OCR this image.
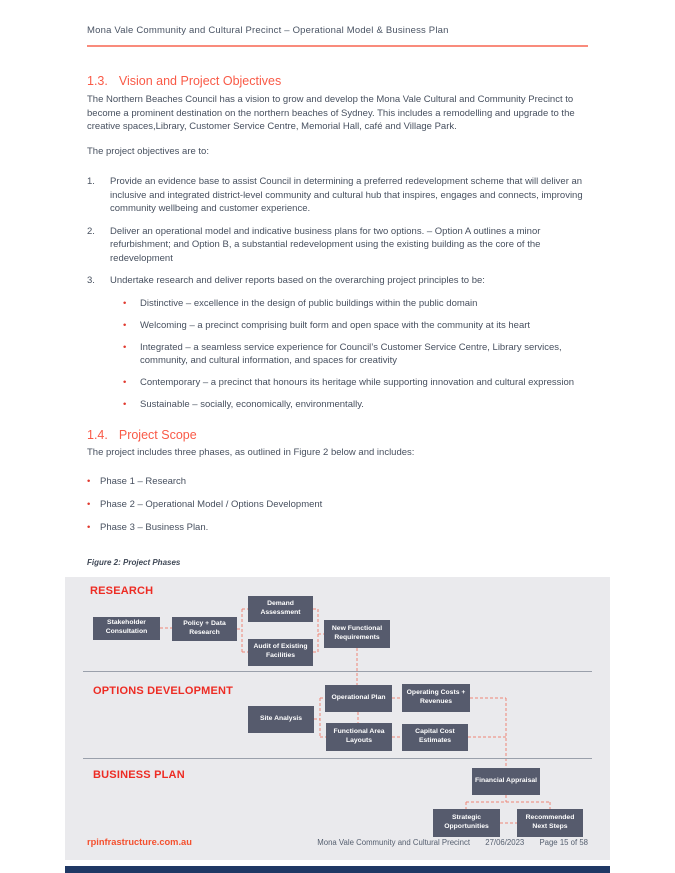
Mona Vale Community and Cultural Precinct – Operational Model & Business Plan
1.3. Vision and Project Objectives

The Northern Beaches Council has a vision to grow and develop the Mona Vale Cultural and Community Precinct to become a prominent destination on the northern beaches of Sydney. This includes a remodelling and upgrade to the creative spaces,Library, Customer Service Centre, Memorial Hall, café and Village Park.

The project objectives are to:

1.	Provide an evidence base to assist Council in determining a preferred redevelopment scheme that will deliver an inclusive and integrated district-level community and cultural hub that inspires, engages and connects, improving community wellbeing and customer experience.
2.	Deliver an operational model and indicative business plans for two options. – Option A outlines a minor refurbishment; and Option B, a substantial redevelopment using the existing building as the core of the redevelopment
3.	Undertake research and deliver reports based on the overarching project principles to be:
•	Distinctive – excellence in the design of public buildings within the public domain
•	Welcoming – a precinct comprising built form and open space with the community at its heart
•	Integrated – a seamless service experience for Council’s Customer Service Centre, Library services, community, and cultural information, and spaces for creativity
•	Contemporary – a precinct that honours its heritage while supporting innovation and cultural expression
•	Sustainable – socially, economically, environmentally.
1.4. Project Scope

The project includes three phases, as outlined in Figure 2 below and includes:

•	Phase 1 – Research
•	Phase 2 – Operational Model / Options Development
•	Phase 3 – Business Plan.
Figure 2: Project Phases
RESEARCH
OPTIONS DEVELOPMENT
BUSINESS PLAN
Stakeholder Consultation
Policy + Data Research
Demand Assessment
Audit of Existing Facilities
New Functional Requirements
Site Analysis
Operational Plan
Functional Area Layouts
Operating Costs + Revenues
Capital Cost Estimates
Financial Appraisal
Strategic Opportunities
Recommended Next Steps
rpinfrastructure.com.au	Mona Vale Community and Cultural Precinct 27/06/2023 Page 15 of 58
